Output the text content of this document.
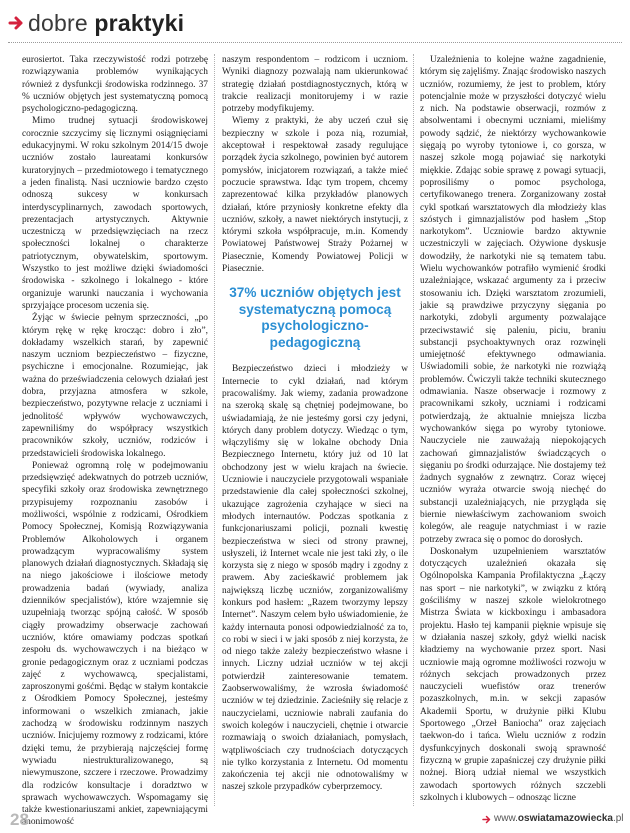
dobre praktyki

eurosiertot. Taka rzeczywistość rodzi potrzebę rozwiązywania problemów wynikających również z dysfunkcji środowiska rodzinnego. 37 % uczniów objętych jest systematyczną pomocą psychologiczno-pedagogiczną.

Mimo trudnej sytuacji środowiskowej corocznie szczycimy się licznymi osiągnięciami edukacyjnymi. W roku szkolnym 2014/15 dwoje uczniów zostało laureatami konkursów kuratoryjnych – przedmiotowego i tematycznego a jeden finalistą. Nasi uczniowie bardzo często odnoszą sukcesy w konkursach interdyscyplinarnych, zawodach sportowych, prezentacjach artystycznych. Aktywnie uczestniczą w przedsięwzięciach na rzecz społeczności lokalnej o charakterze patriotycznym, obywatelskim, sportowym. Wszystko to jest możliwe dzięki świadomości środowiska - szkolnego i lokalnego - które organizuje warunki nauczania i wychowania sprzyjające procesom uczenia się.

Żyjąc w świecie pełnym sprzeczności, „po którym rękę w rękę krocząc: dobro i zło”, dokładamy wszelkich starań, by zapewnić naszym uczniom bezpieczeństwo – fizyczne, psychiczne i emocjonalne. Rozumiejąc, jak ważna do przeświadczenia celowych działań jest dobra, przyjazna atmosfera w szkole, bezpieczeństwo, pozytywne relacje z uczniami i jednolitość wpływów wychowawczych, zapewniliśmy do współpracy wszystkich pracowników szkoły, uczniów, rodziców i przedstawicieli środowiska lokalnego.

Ponieważ ogromną rolę w podejmowaniu przedsięwzięć adekwatnych do potrzeb uczniów, specyfiki szkoły oraz środowiska zewnętrznego przypisujemy rozpoznaniu zasobów i możliwości, wspólnie z rodzicami, Ośrodkiem Pomocy Społecznej, Komisją Rozwiązywania Problemów Alkoholowych i organem prowadzącym wypracowaliśmy system planowych działań diagnostycznych. Składają się na niego jakościowe i ilościowe metody prowadzenia badań (wywiady, analiza dzienników specjalistów), które wzajemnie się uzupełniają tworząc spójną całość. W sposób ciągły prowadzimy obserwacje zachowań uczniów, które omawiamy podczas spotkań zespołu ds. wychowawczych i na bieżąco w gronie pedagogicznym oraz z uczniami podczas zajęć z wychowawcą, specjalistami, zaproszonymi gośćmi. Będąc w stałym kontakcie z Ośrodkiem Pomocy Społecznej, jesteśmy informowani o wszelkich zmianach, jakie zachodzą w środowisku rodzinnym naszych uczniów. Inicjujemy rozmowy z rodzicami, które dzięki temu, że przybierają najczęściej formę wywiadu niestrukturalizowanego, są niewymuszone, szczere i rzeczowe. Prowadzimy dla rodziców konsultacje i doradztwo w sprawach wychowawczych. Wspomagamy się także kwestionariuszami ankiet, zapewniającymi anonimowość

naszym respondentom – rodzicom i uczniom. Wyniki diagnozy pozwalają nam ukierunkować strategię działań postdiagnostycznych, którą w trakcie realizacji monitorujemy i w razie potrzeby modyfikujemy.

Wiemy z praktyki, że aby uczeń czuł się bezpieczny w szkole i poza nią, rozumiał, akceptował i respektował zasady regulujące porządek życia szkolnego, powinien być autorem pomysłów, inicjatorem rozwiązań, a także mieć poczucie sprawstwa. Idąc tym tropem, chcemy zaprezentować kilka przykładów planowych działań, które przyniosły konkretne efekty dla uczniów, szkoły, a nawet niektórych instytucji, z którymi szkoła współpracuje, m.in. Komendy Powiatowej Państwowej Straży Pożarnej w Piasecznie, Komendy Powiatowej Policji w Piasecznie.

37% uczniów objętych jest systematyczną pomocą psychologiczno-pedagogiczną

Bezpieczeństwo dzieci i młodzieży w Internecie to cykl działań, nad którym pracowaliśmy. Jak wiemy, zadania prowadzone na szeroką skalę są chętniej podejmowane, bo uświadamiają, że nie jesteśmy gorsi czy jedyni, których dany problem dotyczy. Wiedząc o tym, włączyliśmy się w lokalne obchody Dnia Bezpiecznego Internetu, który już od 10 lat obchodzony jest w wielu krajach na świecie. Uczniowie i nauczyciele przygotowali wspaniałe przedstawienie dla całej społeczności szkolnej, ukazujące zagrożenia czyhające w sieci na młodych internautów. Podczas spotkania z funkcjonariuszami policji, poznali kwestię bezpieczeństwa w sieci od strony prawnej, usłyszeli, iż Internet wcale nie jest taki zły, o ile korzysta się z niego w sposób mądry i zgodny z prawem. Aby zacieśkawić problemem jak największą liczbę uczniów, zorganizowaliśmy konkurs pod hasłem: „Razem tworzymy lepszy Internet”. Naszym celem było uświadomienie, że każdy internauta ponosi odpowiedzialność za to, co robi w sieci i w jaki sposób z niej korzysta, że od niego także zależy bezpieczeństwo własne i innych. Liczny udział uczniów w tej akcji potwierdził zainteresowanie tematem. Zaobserwowaliśmy, że wzrosła świadomość uczniów w tej dziedzinie. Zacieśniły się relacje z nauczycielami, uczniowie nabrali zaufania do swoich kolegów i nauczycieli, chętnie i otwarcie rozmawiają o swoich działaniach, pomysłach, wątpliwościach czy trudnościach dotyczących nie tylko korzystania z Internetu. Od momentu zakończenia tej akcji nie odnotowaliśmy w naszej szkole przypadków cyberprzemocy.

Uzależnienia to kolejne ważne zagadnienie, którym się zajęliśmy. Znając środowisko naszych uczniów, rozumiemy, że jest to problem, który potencjalnie może w przyszłości dotyczyć wielu z nich. Na podstawie obserwacji, rozmów z absolwentami i obecnymi uczniami, mieliśmy powody sądzić, że niektórzy wychowankowie sięgają po wyroby tytoniowe i, co gorsza, w naszej szkole mogą pojawiać się narkotyki miękkie. Zdając sobie sprawę z powagi sytuacji, poprosiliśmy o pomoc psychologa, certyfikowanego trenera. Zorganizowany został cykl spotkań warsztatowych dla młodzieży klas szóstych i gimnazjalistów pod hasłem „Stop narkotykom”. Uczniowie bardzo aktywnie uczestniczyli w zajęciach. Ożywione dyskusje dowodziły, że narkotyki nie są tematem tabu. Wielu wychowanków potrafiło wymienić środki uzależniające, wskazać argumenty za i przeciw stosowaniu ich. Dzięki warsztatom zrozumieli, jakie są prawdziwe przyczyny sięgania po narkotyki, zdobyli argumenty pozwalające przeciwstawić się paleniu, piciu, braniu substancji psychoaktywnych oraz rozwinęli umiejętność efektywnego odmawiania. Uświadomili sobie, że narkotyki nie rozwiążą problemów. Ćwiczyli także techniki skutecznego odmawiania. Nasze obserwacje i rozmowy z pracownikami szkoły, uczniami i rodzicami potwierdzają, że aktualnie mniejsza liczba wychowanków sięga po wyroby tytoniowe. Nauczyciele nie zauważają niepokojących zachowań gimnazjalistów świadczących o sięganiu po środki odurzające. Nie dostajemy też żadnych sygnałów z zewnątrz. Coraz więcej uczniów wyraża otwarcie swoją niechęć do substancji uzależniających, nie przygląda się biernie niewłaściwym zachowaniom swoich kolegów, ale reaguje natychmiast i w razie potrzeby zwraca się o pomoc do dorosłych.

Doskonałym uzupełnieniem warsztatów dotyczących uzależnień okazała się Ogólnopolska Kampania Profilaktyczna „Łączy nas sport – nie narkotyki”, w związku z którą gościliśmy w naszej szkole wielokrotnego Mistrza Świata w kickboxingu i ambasadora projektu. Hasło tej kampanii pięknie wpisuje się w działania naszej szkoły, gdyż wielki nacisk kładziemy na wychowanie przez sport. Nasi uczniowie mają ogromne możliwości rozwoju w różnych sekcjach prowadzonych przez nauczycieli wuefistów oraz trenerów pozaszkolnych, m.in. w sekcji zapasów Akademii Sportu, w drużynie piłki Klubu Sportowego „Orzeł Baniocha” oraz zajęciach taekwon-do i tańca. Wielu uczniów z rodzin dysfunkcyjnych doskonali swoją sprawność fizyczną w grupie zapaśniczej czy drużynie piłki nożnej. Biorą udział niemal we wszystkich zawodach sportowych różnych szczebli szkolnych i klubowych – odnosząc liczne

28	www.oswiatamazowiecka.pl
